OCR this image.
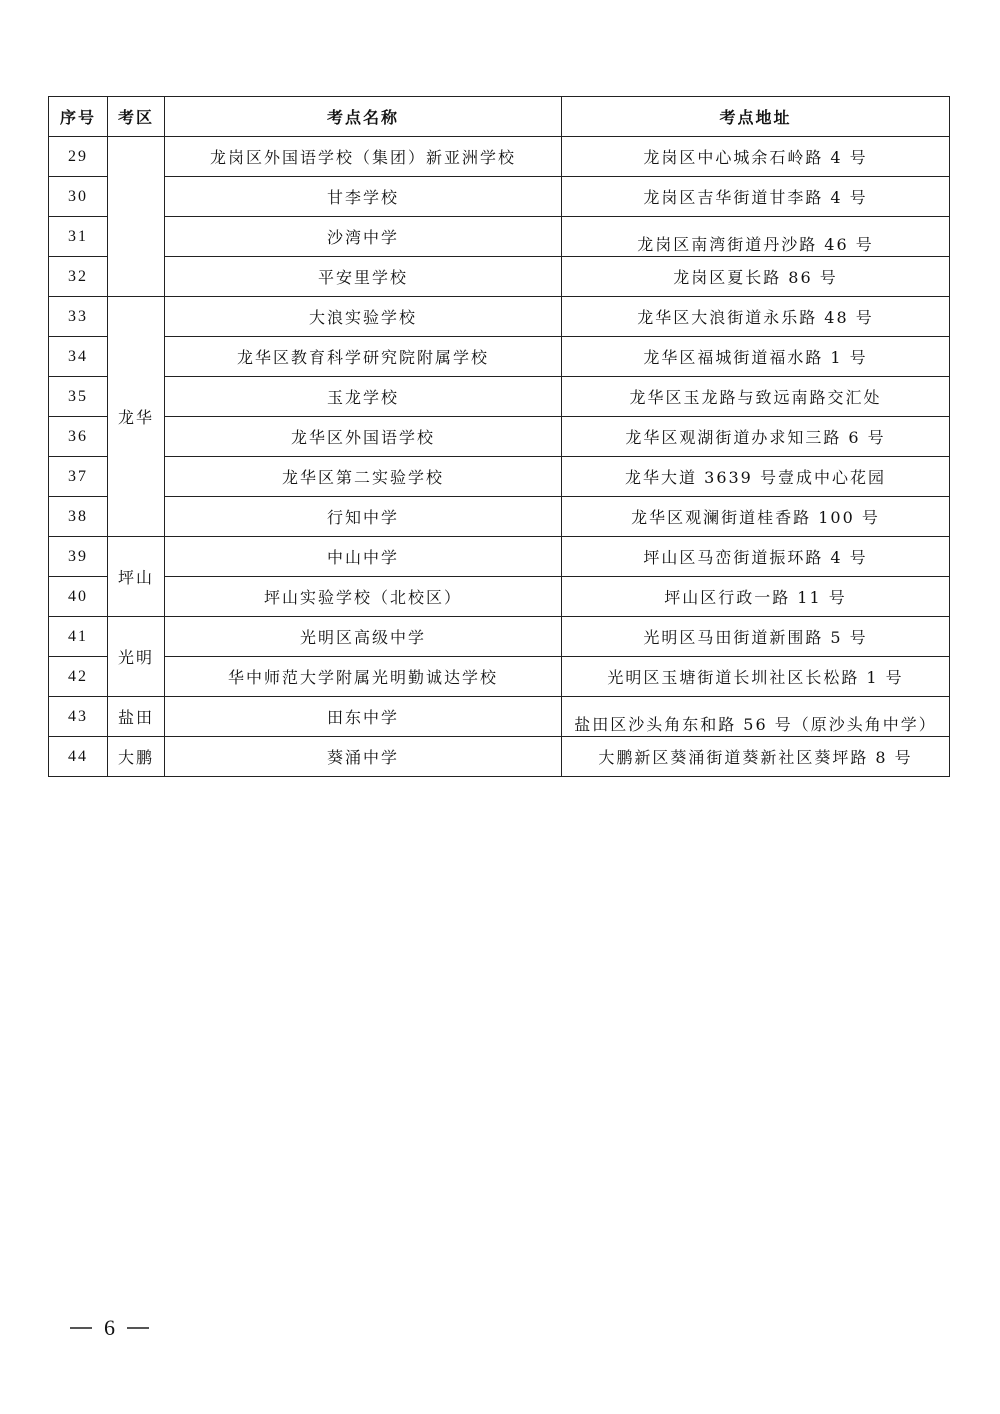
序号	考区	考点名称	考点地址
29		龙岗区外国语学校（集团）新亚洲学校	龙岗区中心城余石岭路 4 号
30		甘李学校	龙岗区吉华街道甘李路 4 号
31		沙湾中学	龙岗区南湾街道丹沙路 46 号
32		平安里学校	龙岗区夏长路 86 号
33	龙华	大浪实验学校	龙华区大浪街道永乐路 48 号
34		龙华区教育科学研究院附属学校	龙华区福城街道福水路 1 号
35		玉龙学校	龙华区玉龙路与致远南路交汇处
36		龙华区外国语学校	龙华区观湖街道办求知三路 6 号
37		龙华区第二实验学校	龙华大道 3639 号壹成中心花园
38		行知中学	龙华区观澜街道桂香路 100 号
39	坪山	中山中学	坪山区马峦街道振环路 4 号
40		坪山实验学校（北校区）	坪山区行政一路 11 号
41	光明	光明区高级中学	光明区马田街道新围路 5 号
42		华中师范大学附属光明勤诚达学校	光明区玉塘街道长圳社区长松路 1 号
43	盐田	田东中学	盐田区沙头角东和路 56 号（原沙头角中学）
44	大鹏	葵涌中学	大鹏新区葵涌街道葵新社区葵坪路 8 号
6
